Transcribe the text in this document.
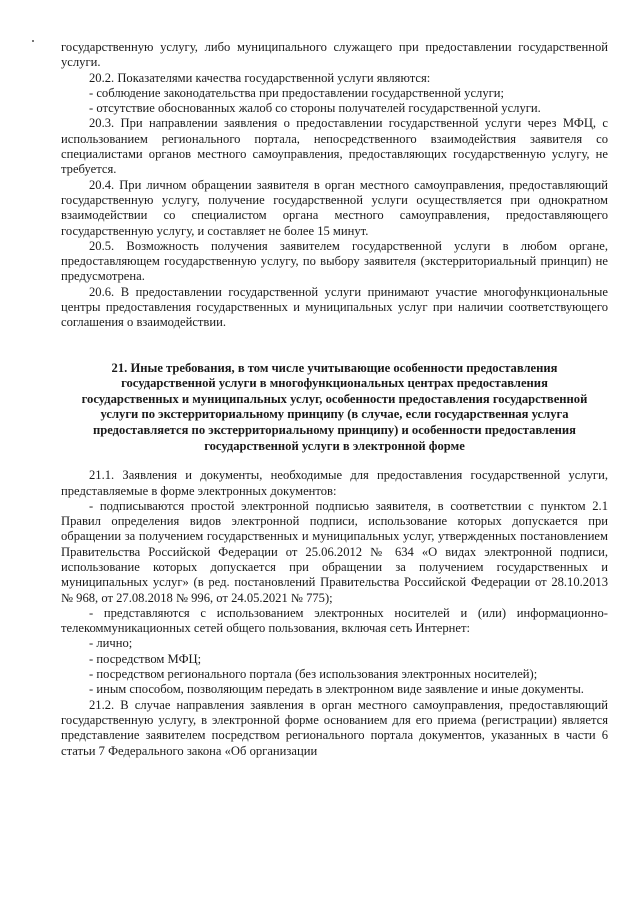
государственную услугу, либо муниципального служащего при предоставлении государственной услуги.

20.2. Показателями качества государственной услуги являются:

- соблюдение законодательства при предоставлении государственной услуги;

- отсутствие обоснованных жалоб со стороны получателей государственной услуги.

20.3. При направлении заявления о предоставлении государственной услуги через МФЦ, с использованием регионального портала, непосредственного взаимодействия заявителя со специалистами органов местного самоуправления, предоставляющих государственную услугу, не требуется.

20.4. При личном обращении заявителя в орган местного самоуправления, предоставляющий государственную услугу, получение государственной услуги осуществляется при однократном взаимодействии со специалистом органа местного самоуправления, предоставляющего государственную услугу, и составляет не более 15 минут.

20.5. Возможность получения заявителем государственной услуги в любом органе, предоставляющем государственную услугу, по выбору заявителя (экстерриториальный принцип) не предусмотрена.

20.6. В предоставлении государственной услуги принимают участие многофункциональные центры предоставления государственных и муниципальных услуг при наличии соответствующего соглашения о взаимодействии.

21. Иные требования, в том числе учитывающие особенности предоставления государственной услуги в многофункциональных центрах предоставления государственных и муниципальных услуг, особенности предоставления государственной услуги по экстерриториальному принципу (в случае, если государственная услуга предоставляется по экстерриториальному принципу) и особенности предоставления государственной услуги в электронной форме

21.1. Заявления и документы, необходимые для предоставления государственной услуги, представляемые в форме электронных документов:

- подписываются простой электронной подписью заявителя, в соответствии с пунктом 2.1 Правил определения видов электронной подписи, использование которых допускается при обращении за получением государственных и муниципальных услуг, утвержденных постановлением Правительства Российской Федерации от 25.06.2012 № 634 «О видах электронной подписи, использование которых допускается при обращении за получением государственных и муниципальных услуг» (в ред. постановлений Правительства Российской Федерации от 28.10.2013 № 968, от 27.08.2018 № 996, от 24.05.2021 № 775);

- представляются с использованием электронных носителей и (или) информационно-телекоммуникационных сетей общего пользования, включая сеть Интернет:

- лично;

- посредством МФЦ;

- посредством регионального портала (без использования электронных носителей);

- иным способом, позволяющим передать в электронном виде заявление и иные документы.

21.2. В случае направления заявления в орган местного самоуправления, предоставляющий государственную услугу, в электронной форме основанием для его приема (регистрации) является представление заявителем посредством регионального портала документов, указанных в части 6 статьи 7 Федерального закона «Об организации
